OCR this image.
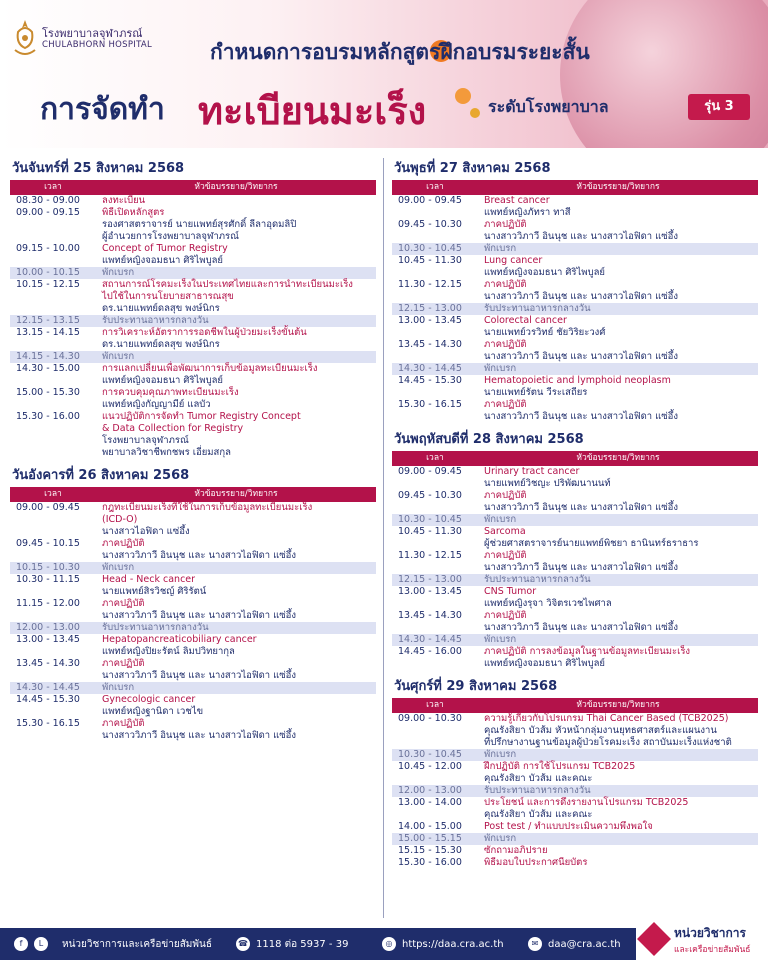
โรงพยาบาลจุฬาภรณ์
CHULABHORN HOSPITAL	กำหนดการอบรมหลักสูตรฝึกอบรมระยะสั้น
การจัดทำ ทะเบียนมะเร็ง	ระดับโรงพยาบาล	รุ่น 3
วันจันทร์ที่ 25 สิงหาคม 2568
เวลา	หัวข้อบรรยาย/วิทยากร
08.30 - 09.00	ลงทะเบียน
09.00 - 09.15	พิธีเปิดหลักสูตร
รองศาสตราจารย์ นายแพทย์สุรศักดิ์ ลีลาอุดมลิปิ
ผู้อำนวยการโรงพยาบาลจุฬาภรณ์
09.15 - 10.00	Concept of Tumor Registry
แพทย์หญิงจอมธนา ศิริไพบูลย์
10.00 - 10.15	พักเบรก
10.15 - 12.15	สถานการณ์โรคมะเร็งในประเทศไทยและการนำทะเบียนมะเร็ง
ไปใช้ในการนโยบายสาธารณสุข
ดร.นายแพทย์ดลสุข พงษ์นิกร
12.15 - 13.15	รับประทานอาหารกลางวัน
13.15 - 14.15	การวิเคราะห์อัตราการรอดชีพในผู้ป่วยมะเร็งขั้นต้น
ดร.นายแพทย์ดลสุข พงษ์นิกร
14.15 - 14.30	พักเบรก
14.30 - 15.00	การแลกเปลี่ยนเพื่อพัฒนาการเก็บข้อมูลทะเบียนมะเร็ง
แพทย์หญิงจอมธนา ศิริไพบูลย์
15.00 - 15.30	การควบคุมคุณภาพทะเบียนมะเร็ง
แพทย์หญิงกัญญามีย์ แลบัว
15.30 - 16.00	แนวปฏิบัติการจัดทำ Tumor Registry Concept
& Data Collection for Registry
โรงพยาบาลจุฬาภรณ์
พยาบาลวิชาชีพกชพร เอี่ยมสกุล
วันอังคารที่ 26 สิงหาคม 2568
เวลา	หัวข้อบรรยาย/วิทยากร
09.00 - 09.45	กฎทะเบียนมะเร็งที่ใช้ในการเก็บข้อมูลทะเบียนมะเร็ง
(ICD-O)
นางสาวไอฟิดา แซ่อึ้ง
09.45 - 10.15	ภาคปฏิบัติ
นางสาววิภาวี อินนุช และ นางสาวไอฟิดา แซ่อึ้ง
10.15 - 10.30	พักเบรก
10.30 - 11.15	Head - Neck cancer
นายแพทย์สิรวิชญ์ ศิริรัตน์
11.15 - 12.00	ภาคปฏิบัติ
นางสาววิภาวี อินนุช และ นางสาวไอฟิดา แซ่อึ้ง
12.00 - 13.00	รับประทานอาหารกลางวัน
13.00 - 13.45	Hepatopancreaticobiliary cancer
แพทย์หญิงปิยะรัตน์ ลิมปวิทยากุล
13.45 - 14.30	ภาคปฏิบัติ
นางสาววิภาวี อินนุช และ นางสาวไอฟิดา แซ่อึ้ง
14.30 - 14.45	พักเบรก
14.45 - 15.30	Gynecologic cancer
แพทย์หญิงฐานิดา เวชไข
15.30 - 16.15	ภาคปฏิบัติ
นางสาววิภาวี อินนุช และ นางสาวไอฟิดา แซ่อึ้ง
วันพุธที่ 27 สิงหาคม 2568
เวลา	หัวข้อบรรยาย/วิทยากร
09.00 - 09.45	Breast cancer
แพทย์หญิงภัทรา ทาสี
09.45 - 10.30	ภาคปฏิบัติ
นางสาววิภาวี อินนุช และ นางสาวไอฟิดา แซ่อึ้ง
10.30 - 10.45	พักเบรก
10.45 - 11.30	Lung cancer
แพทย์หญิงจอมธนา ศิริไพบูลย์
11.30 - 12.15	ภาคปฏิบัติ
นางสาววิภาวี อินนุช และ นางสาวไอฟิดา แซ่อึ้ง
12.15 - 13.00	รับประทานอาหารกลางวัน
13.00 - 13.45	Colorectal cancer
นายแพทย์วรวิทย์ ชัยวิริยะวงศ์
13.45 - 14.30	ภาคปฏิบัติ
นางสาววิภาวี อินนุช และ นางสาวไอฟิดา แซ่อึ้ง
14.30 - 14.45	พักเบรก
14.45 - 15.30	Hematopoietic and lymphoid neoplasm
นายแพทย์รัตน วีระเสถียร
15.30 - 16.15	ภาคปฏิบัติ
นางสาววิภาวี อินนุช และ นางสาวไอฟิดา แซ่อึ้ง
วันพฤหัสบดีที่ 28 สิงหาคม 2568
เวลา	หัวข้อบรรยาย/วิทยากร
09.00 - 09.45	Urinary tract cancer
นายแพทย์วิชญะ ปริพัฒนานนท์
09.45 - 10.30	ภาคปฏิบัติ
นางสาววิภาวี อินนุช และ นางสาวไอฟิดา แซ่อึ้ง
10.30 - 10.45	พักเบรก
10.45 - 11.30	Sarcoma
ผู้ช่วยศาสตราจารย์นายแพทย์พิชยา ธานินทร์ธราธาร
11.30 - 12.15	ภาคปฏิบัติ
นางสาววิภาวี อินนุช และ นางสาวไอฟิดา แซ่อึ้ง
12.15 - 13.00	รับประทานอาหารกลางวัน
13.00 - 13.45	CNS Tumor
แพทย์หญิงรุจา วิจิตรเวชไพศาล
13.45 - 14.30	ภาคปฏิบัติ
นางสาววิภาวี อินนุช และ นางสาวไอฟิดา แซ่อึ้ง
14.30 - 14.45	พักเบรก
14.45 - 16.00	ภาคปฏิบัติ การลงข้อมูลในฐานข้อมูลทะเบียนมะเร็ง
แพทย์หญิงจอมธนา ศิริไพบูลย์
วันศุกร์ที่ 29 สิงหาคม 2568
เวลา	หัวข้อบรรยาย/วิทยากร
09.00 - 10.30	ความรู้เกี่ยวกับโปรแกรม Thai Cancer Based (TCB2025)
คุณรังสิยา บัวส้ม หัวหน้ากลุ่มงานยุทธศาสตร์และแผนงาน
ที่ปรึกษางานฐานข้อมูลผู้ป่วยโรคมะเร็ง สถาบันมะเร็งแห่งชาติ
10.30 - 10.45	พักเบรก
10.45 - 12.00	ฝึกปฏิบัติ การใช้โปรแกรม TCB2025
คุณรังสิยา บัวส้ม และคณะ
12.00 - 13.00	รับประทานอาหารกลางวัน
13.00 - 14.00	ประโยชน์ และการดึงรายงานโปรแกรม TCB2025
คุณรังสิยา บัวส้ม และคณะ
14.00 - 15.00	Post test / ทำแบบประเมินความพึงพอใจ
15.00 - 15.15	พักเบรก
15.15 - 15.30	ซักถามอภิปราย
15.30 - 16.00	พิธีมอบใบประกาศนียบัตร
f L	หน่วยวิชาการและเครือข่ายสัมพันธ์	☎ 1118 ต่อ 5937 - 39	◎ https://daa.cra.ac.th	✉ daa@cra.ac.th
หน่วยวิชาการ
และเครือข่ายสัมพันธ์
